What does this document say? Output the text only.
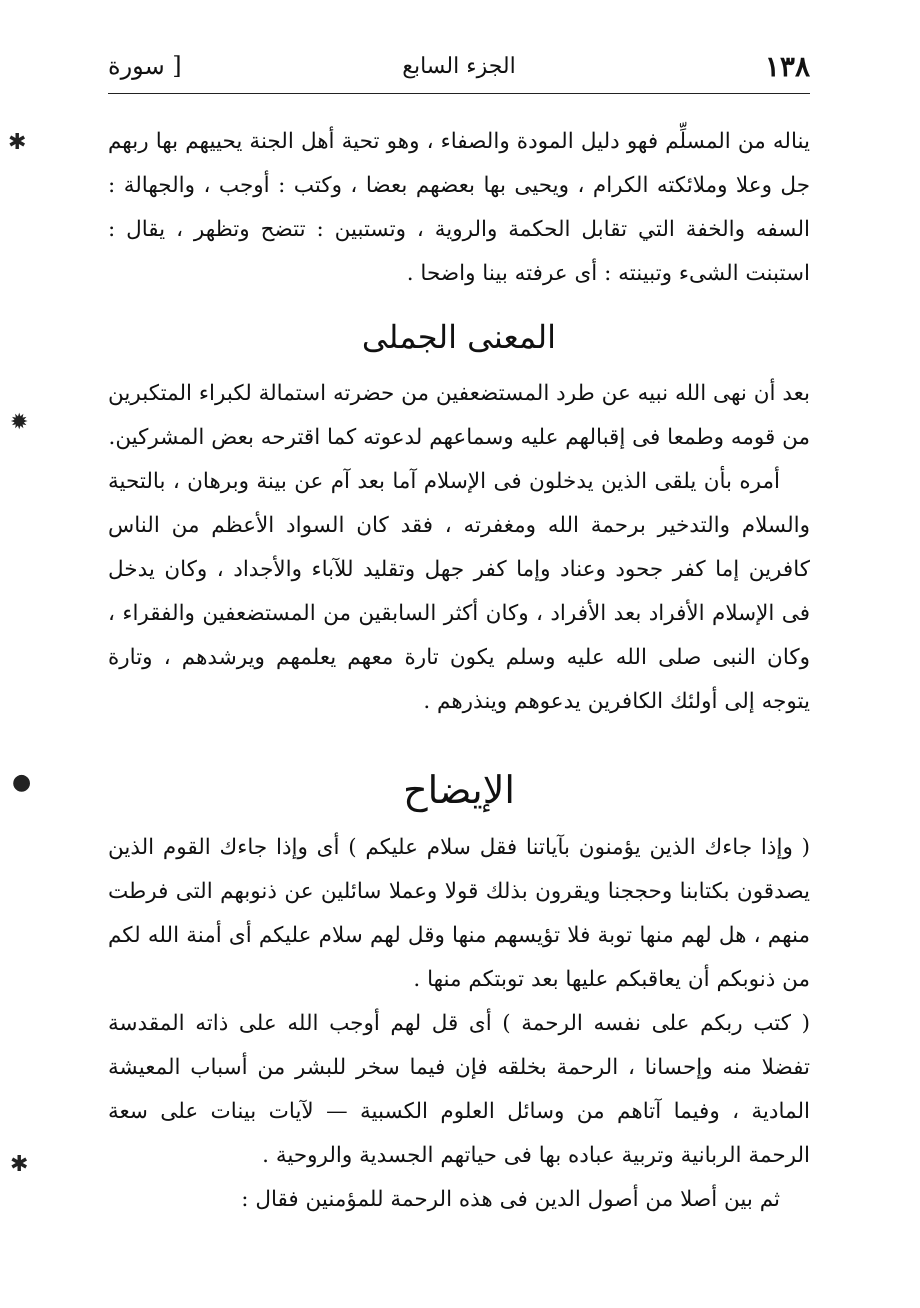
١٣٨
الجزء السابع
[ سورة
✱
✹
●
✱

يناله من المسلِّم فهو دليل المودة والصفاء ، وهو تحية أهل الجنة يحييهم بها ربهم جل وعلا وملائكته الكرام ، ويحيى بها بعضهم بعضا ، وكتب : أوجب ، والجهالة : السفه والخفة التي تقابل الحكمة والروية ، وتستبين : تتضح وتظهر ، يقال : استبنت الشىء وتبينته : أى عرفته بينا واضحا .

المعنى الجملى

بعد أن نهى الله نبيه عن طرد المستضعفين من حضرته استمالة لكبراء المتكبرين من قومه وطمعا فى إقبالهم عليه وسماعهم لدعوته كما اقترحه بعض المشركين.

أمره بأن يلقى الذين يدخلون فى الإسلام آما بعد آم عن بينة وبرهان ، بالتحية والسلام والتدخير برحمة الله ومغفرته ، فقد كان السواد الأعظم من الناس كافرين إما كفر جحود وعناد وإما كفر جهل وتقليد للآباء والأجداد ، وكان يدخل فى الإسلام الأفراد بعد الأفراد ، وكان أكثر السابقين من المستضعفين والفقراء ، وكان النبى صلى الله عليه وسلم يكون تارة معهم يعلمهم ويرشدهم ، وتارة يتوجه إلى أولئك الكافرين يدعوهم وينذرهم .

الإيضاح

( وإذا جاءك الذين يؤمنون بآياتنا فقل سلام عليكم ) أى وإذا جاءك القوم الذين يصدقون بكتابنا وحججنا ويقرون بذلك قولا وعملا سائلين عن ذنوبهم التى فرطت منهم ، هل لهم منها توبة فلا تؤيسهم منها وقل لهم سلام عليكم أى أمنة الله لكم من ذنوبكم أن يعاقبكم عليها بعد توبتكم منها .

( كتب ربكم على نفسه الرحمة ) أى قل لهم أوجب الله على ذاته المقدسة تفضلا منه وإحسانا ، الرحمة بخلقه فإن فيما سخر للبشر من أسباب المعيشة المادية ، وفيما آتاهم من وسائل العلوم الكسبية — لآيات بينات على سعة الرحمة الربانية وتربية عباده بها فى حياتهم الجسدية والروحية .

ثم بين أصلا من أصول الدين فى هذه الرحمة للمؤمنين فقال :
